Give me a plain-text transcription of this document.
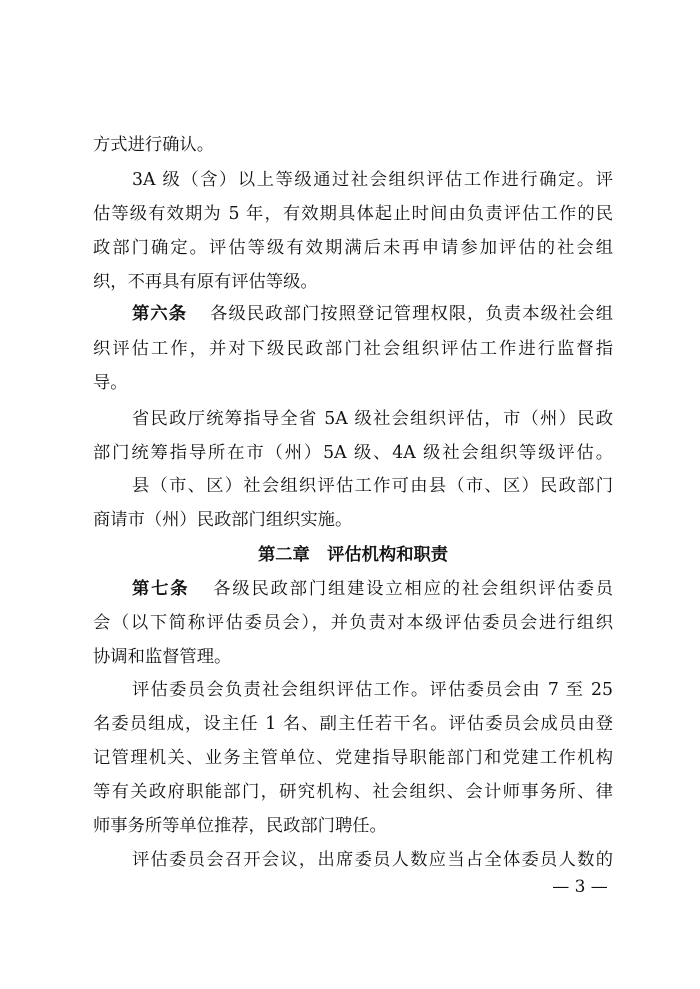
方式进行确认。
3A 级（含）以上等级通过社会组织评估工作进行确定。评
估等级有效期为 5 年，有效期具体起止时间由负责评估工作的民
政部门确定。评估等级有效期满后未再申请参加评估的社会组
织，不再具有原有评估等级。
第六条 各级民政部门按照登记管理权限，负责本级社会组
织评估工作，并对下级民政部门社会组织评估工作进行监督指
导。
省民政厅统筹指导全省 5A 级社会组织评估，市（州）民政
部门统筹指导所在市（州）5A 级、4A 级社会组织等级评估。
县（市、区）社会组织评估工作可由县（市、区）民政部门
商请市（州）民政部门组织实施。
第二章　评估机构和职责
第七条 各级民政部门组建设立相应的社会组织评估委员
会（以下简称评估委员会），并负责对本级评估委员会进行组织
协调和监督管理。
评估委员会负责社会组织评估工作。评估委员会由 7 至 25
名委员组成，设主任 1 名、副主任若干名。评估委员会成员由登
记管理机关、业务主管单位、党建指导职能部门和党建工作机构
等有关政府职能部门，研究机构、社会组织、会计师事务所、律
师事务所等单位推荐，民政部门聘任。
评估委员会召开会议，出席委员人数应当占全体委员人数的
— 3 —
